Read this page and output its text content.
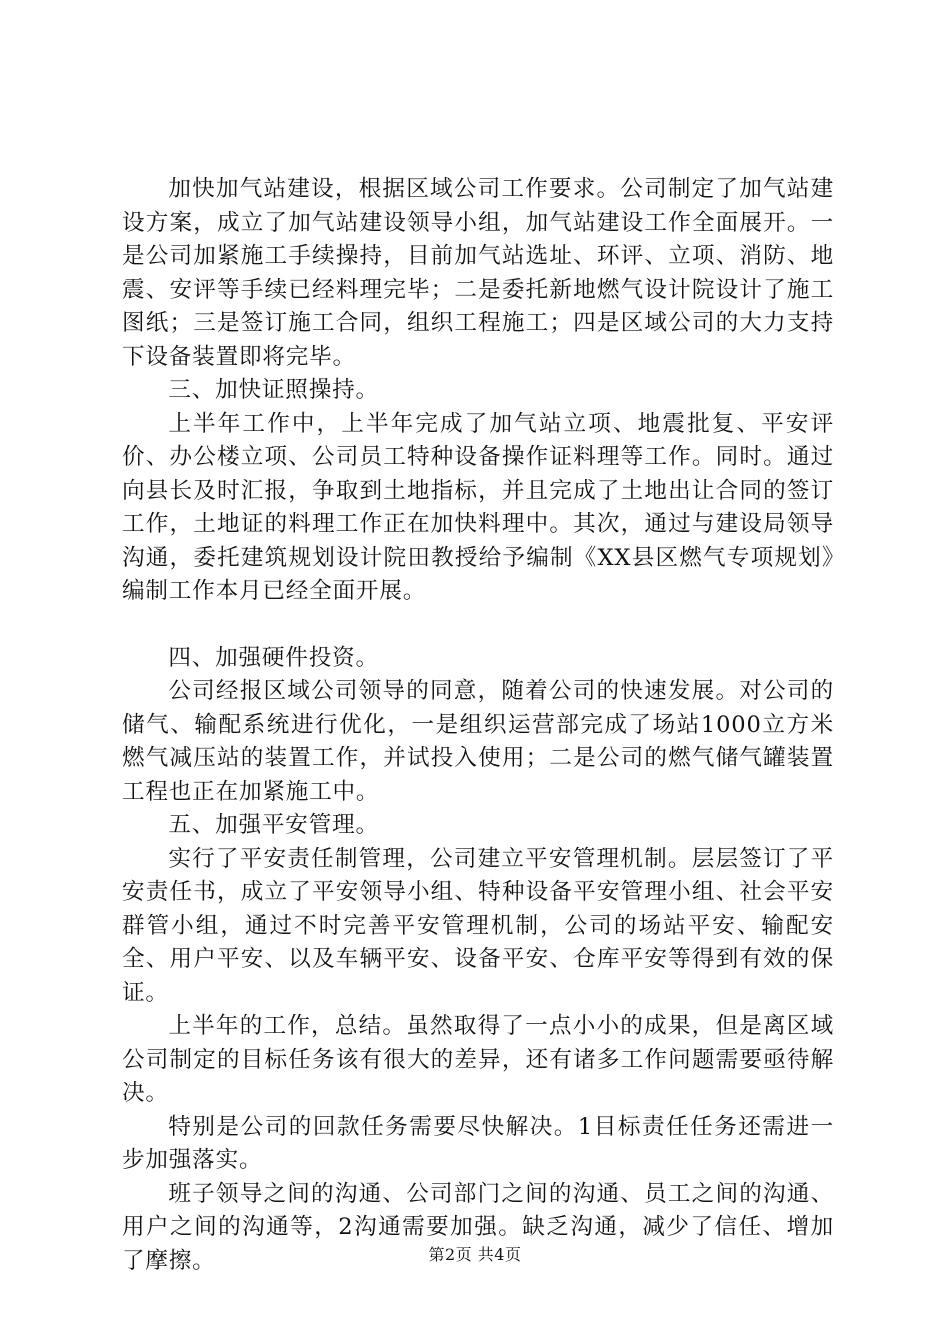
加快加气站建设，根据区域公司工作要求。公司制定了加气站建设方案，成立了加气站建设领导小组，加气站建设工作全面展开。一是公司加紧施工手续操持，目前加气站选址、环评、立项、消防、地震、安评等手续已经料理完毕；二是委托新地燃气设计院设计了施工图纸；三是签订施工合同，组织工程施工；四是区域公司的大力支持下设备装置即将完毕。

三、加快证照操持。

上半年工作中，上半年完成了加气站立项、地震批复、平安评价、办公楼立项、公司员工特种设备操作证料理等工作。同时。通过向县长及时汇报，争取到土地指标，并且完成了土地出让合同的签订工作，土地证的料理工作正在加快料理中。其次，通过与建设局领导沟通，委托建筑规划设计院田教授给予编制《XX县区燃气专项规划》编制工作本月已经全面开展。

四、加强硬件投资。

公司经报区域公司领导的同意，随着公司的快速发展。对公司的储气、输配系统进行优化，一是组织运营部完成了场站1000立方米燃气减压站的装置工作，并试投入使用；二是公司的燃气储气罐装置工程也正在加紧施工中。

五、加强平安管理。

实行了平安责任制管理，公司建立平安管理机制。层层签订了平安责任书，成立了平安领导小组、特种设备平安管理小组、社会平安群管小组，通过不时完善平安管理机制，公司的场站平安、输配安全、用户平安、以及车辆平安、设备平安、仓库平安等得到有效的保证。

上半年的工作，总结。虽然取得了一点小小的成果，但是离区域公司制定的目标任务该有很大的差异，还有诸多工作问题需要亟待解决。

特别是公司的回款任务需要尽快解决。1目标责任任务还需进一步加强落实。

班子领导之间的沟通、公司部门之间的沟通、员工之间的沟通、用户之间的沟通等，2沟通需要加强。缺乏沟通，减少了信任、增加了摩擦。	第2页 共4页
